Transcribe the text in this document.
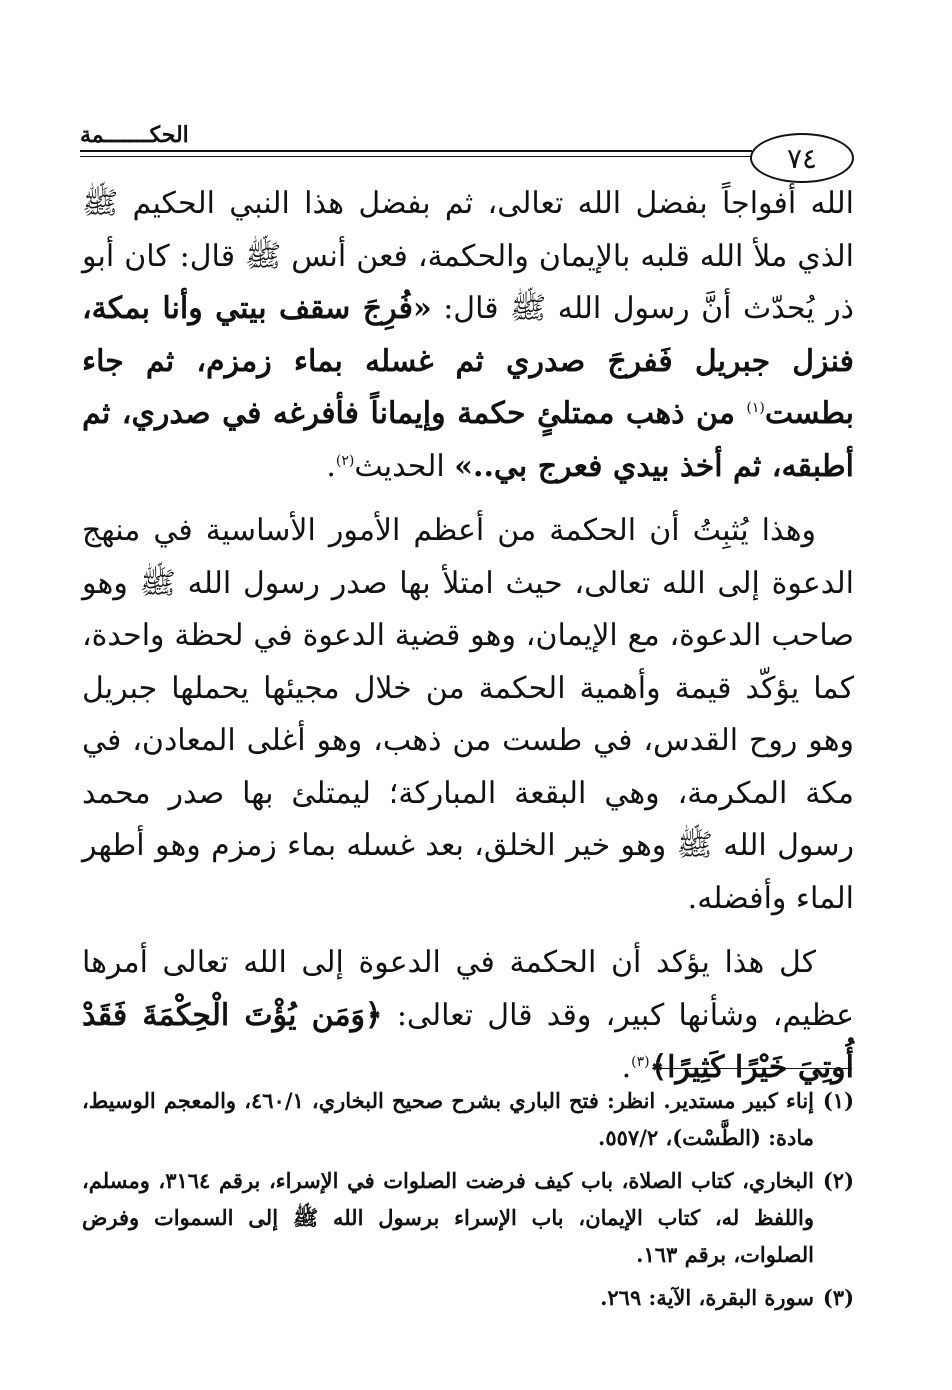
٧٤
الحكـــــــمة

الله أفواجاً بفضل الله تعالى، ثم بفضل هذا النبي الحكيم ﷺ الذي ملأ الله قلبه بالإيمان والحكمة، فعن أنس ﷺ قال: كان أبو ذر يُحدّث أنَّ رسول الله ﷺ قال: «فُرِجَ سقف بيتي وأنا بمكة، فنزل جبريل فَفرجَ صدري ثم غسله بماء زمزم، ثم جاء بطست$^{(١)}$ من ذهب ممتلئٍ حكمة وإيماناً فأفرغه في صدري، ثم أطبقه، ثم أخذ بيدي فعرج بي..» الحديث$^{(٢)}$.

وهذا يُثبِتُ أن الحكمة من أعظم الأمور الأساسية في منهج الدعوة إلى الله تعالى، حيث امتلأ بها صدر رسول الله ﷺ وهو صاحب الدعوة، مع الإيمان، وهو قضية الدعوة في لحظة واحدة، كما يؤكّد قيمة وأهمية الحكمة من خلال مجيئها يحملها جبريل وهو روح القدس، في طست من ذهب، وهو أغلى المعادن، في مكة المكرمة، وهي البقعة المباركة؛ ليمتلئ بها صدر محمد رسول الله ﷺ وهو خير الخلق، بعد غسله بماء زمزم وهو أطهر الماء وأفضله.

كل هذا يؤكد أن الحكمة في الدعوة إلى الله تعالى أمرها عظيم، وشأنها كبير، وقد قال تعالى: ﴿وَمَن يُؤْتَ الْحِكْمَةَ فَقَدْ أُوتِيَ خَيْرًا كَثِيرًا﴾$^{(٣)}$.

(١)
إناء كبير مستدير. انظر: فتح الباري بشرح صحيح البخاري، ٤٦٠/١، والمعجم الوسيط، مادة: (الطَّسْت)، ٥٥٧/٢.
(٢)
البخاري، كتاب الصلاة، باب كيف فرضت الصلوات في الإسراء، برقم ٣١٦٤، ومسلم، واللفظ له، كتاب الإيمان، باب الإسراء برسول الله ﷺ إلى السموات وفرض الصلوات، برقم ١٦٣.
(٣)
سورة البقرة، الآية: ٢٦٩.
